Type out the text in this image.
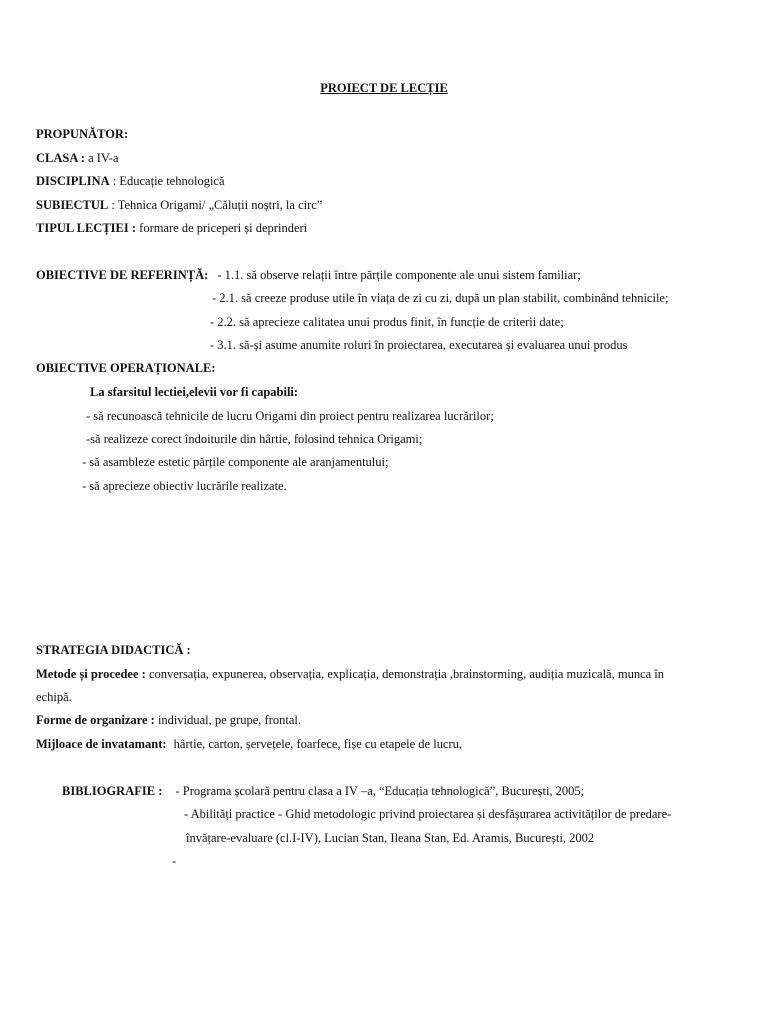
PROIECT DE LECȚIE
PROPUNĂTOR:
CLASA : a IV-a
DISCIPLINA : Educație tehnologică
SUBIECTUL : Tehnica Origami/ „Căluții noștri, la circ”
TIPUL LECȚIEI : formare de priceperi și deprinderi
OBIECTIVE DE REFERINȚĂ: - 1.1. să observe relații între părțile componente ale unui sistem familiar;
- 2.1. să creeze produse utile în viața de zi cu zi, după un plan stabilit, combinând tehnicile;
- 2.2. să aprecieze calitatea unui produs finit, în funcție de criterii date;
- 3.1. să-și asume anumite roluri în proiectarea, executarea și evaluarea unui produs
OBIECTIVE OPERAȚIONALE:
La sfarsitul lectiei,elevii vor fi capabili:
- să recunoască tehnicile de lucru Origami din proiect pentru realizarea lucrărilor;
-să realizeze corect îndoiturile din hârtie, folosind tehnica Origami;
- să asambleze estetic părțile componente ale aranjamentului;
- să aprecieze obiectiv lucrările realizate.
STRATEGIA DIDACTICĂ :
Metode și procedee : conversația, expunerea, observația, explicația, demonstrația ,brainstorming, audiția muzicală, munca în
echipă.
Forme de organizare : individual, pe grupe, frontal.
Mijloace de invatamant: hârtie, carton, șervețele, foarfece, fișe cu etapele de lucru,
BIBLIOGRAFIE : - Programa școlară pentru clasa a IV –a, “Educația tehnologică”, București, 2005;
- Abilități practice - Ghid metodologic privind proiectarea și desfășurarea activităților de predare-
învățare-evaluare (cl.I-IV), Lucian Stan, Ileana Stan, Ed. Aramis, București, 2002
-
